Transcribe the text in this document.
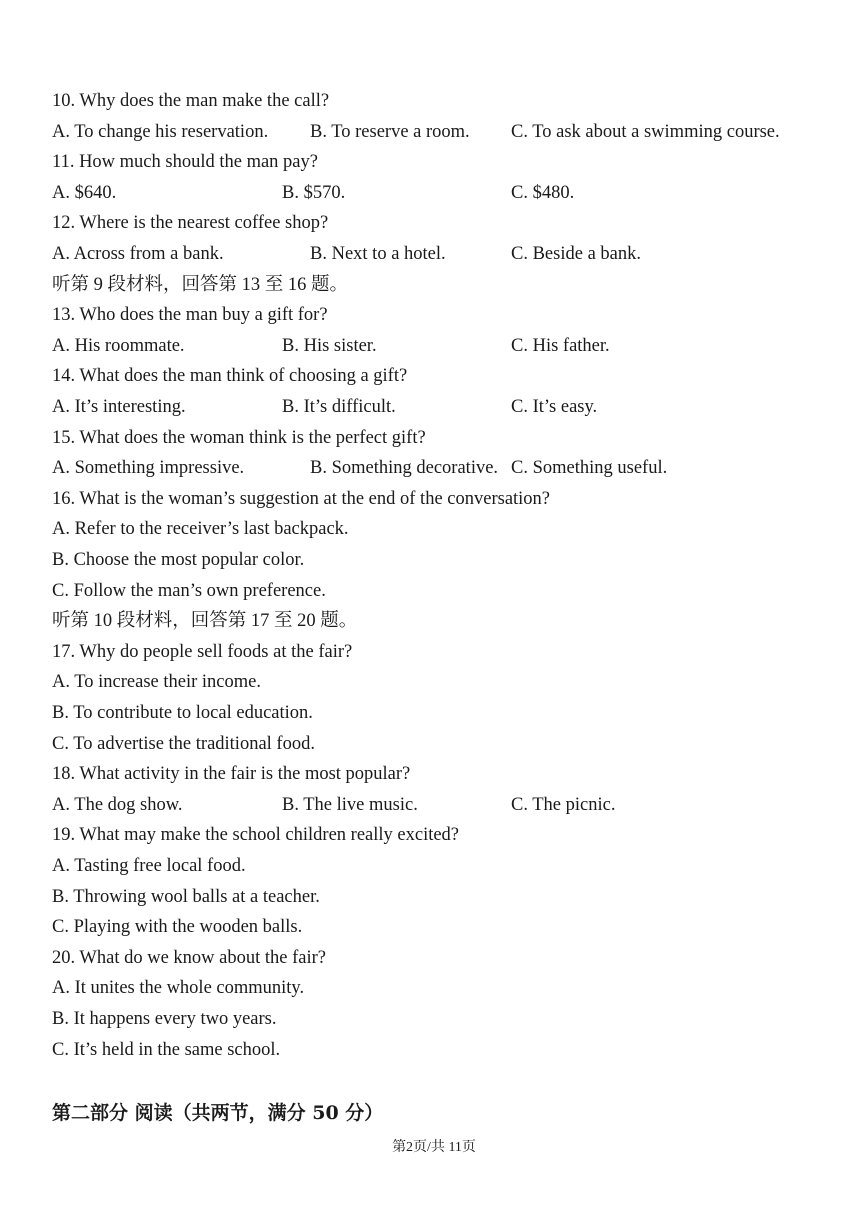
10. Why does the man make the call?
A. To change his reservation. B. To reserve a room. C. To ask about a swimming course.
11. How much should the man pay?
A. $640.	B. $570.	C. $480.
12. Where is the nearest coffee shop?
A. Across from a bank.	B. Next to a hotel.	C. Beside a bank.
听第 9 段材料，回答第 13 至 16 题。
13. Who does the man buy a gift for?
A. His roommate.	B. His sister.	C. His father.
14. What does the man think of choosing a gift?
A. It’s interesting.	B. It’s difficult.	C. It’s easy.
15. What does the woman think is the perfect gift?
A. Something impressive.	B. Something decorative. C. Something useful.
16. What is the woman’s suggestion at the end of the conversation?
A. Refer to the receiver’s last backpack.
B. Choose the most popular color.
C. Follow the man’s own preference.
听第 10 段材料，回答第 17 至 20 题。
17. Why do people sell foods at the fair?
A. To increase their income.
B. To contribute to local education.
C. To advertise the traditional food.
18. What activity in the fair is the most popular?
A. The dog show.	B. The live music.	C. The picnic.
19. What may make the school children really excited?
A. Tasting free local food.
B. Throwing wool balls at a teacher.
C. Playing with the wooden balls.
20. What do we know about the fair?
A. It unites the whole community.
B. It happens every two years.
C. It’s held in the same school.
第二部分 阅读（共两节，满分 50 分）
第2页/共 11页
